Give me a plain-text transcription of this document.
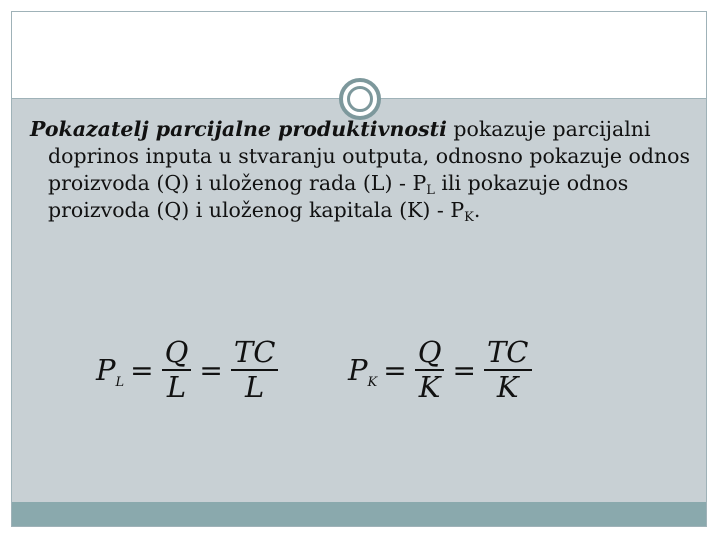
Pokazatelj parcijalne produktivnosti pokazuje parcijalni doprinos inputa u stvaranju outputa, odnosno pokazuje odnos proizvoda (Q) i uloženog rada $(L) - P_L$ ili pokazuje odnos proizvoda (Q) i uloženog kapitala $(K) - P_K$.
$P_L = \frac{Q}{L} = \frac{TC}{L} P_K = \frac{Q}{K} = \frac{TC}{K}$
